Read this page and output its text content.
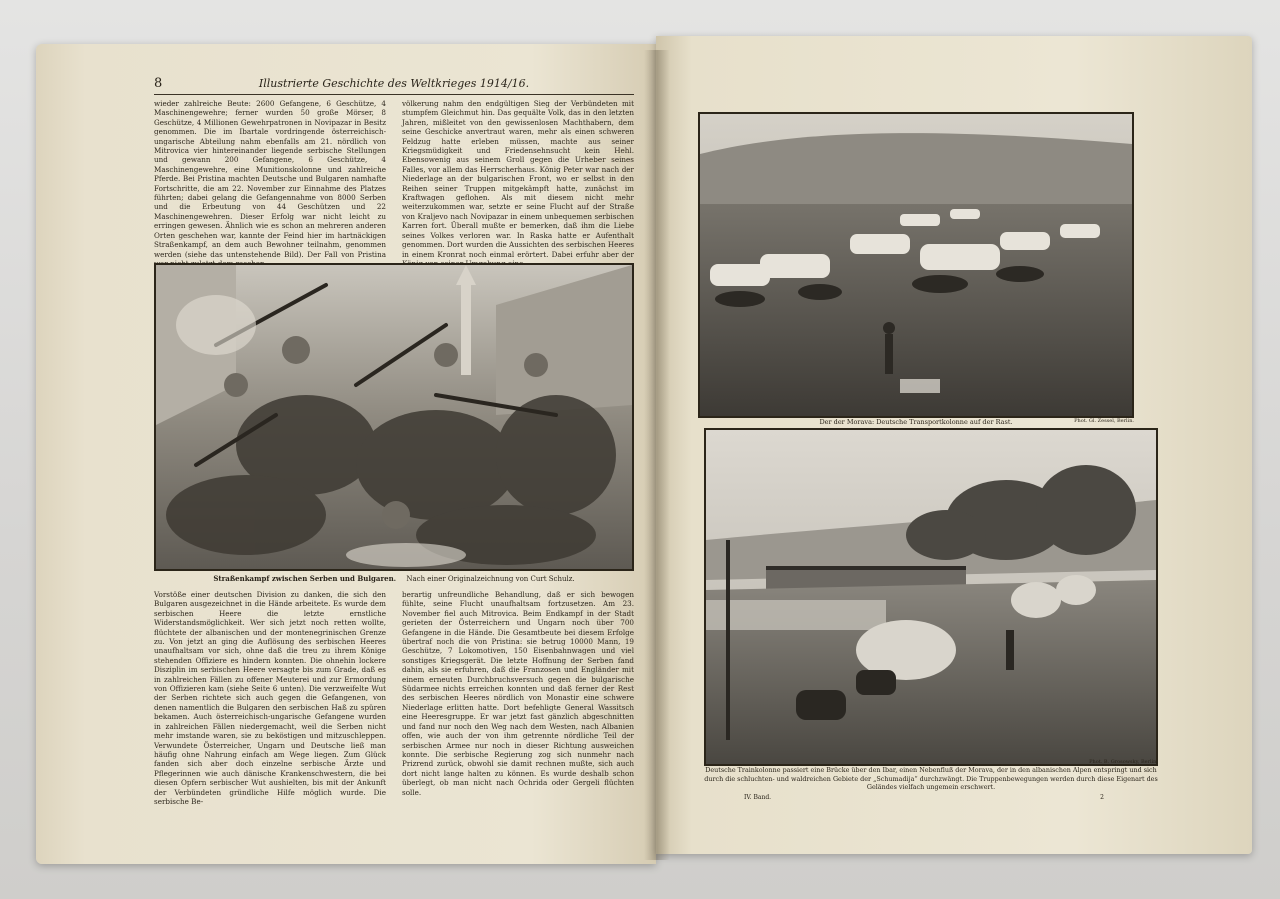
8	Illustrierte Geschichte des Weltkrieges 1914/16.
wieder zahlreiche Beute: 2600 Gefangene, 6 Geschütze, 4 Maschinengewehre; ferner wurden 50 große Mörser, 8 Geschütze, 4 Millionen Gewehrpatronen in Novipazar in Besitz genommen. Die im Ibartale vordringende österreichisch-ungarische Abteilung nahm ebenfalls am 21. nördlich von Mitrovica vier hintereinander liegende serbische Stellungen und gewann 200 Gefangene, 6 Geschütze, 4 Maschinengewehre, eine Munitionskolonne und zahlreiche Pferde. Bei Pristina machten Deutsche und Bulgaren namhafte Fortschritte, die am 22. November zur Einnahme des Platzes führten; dabei gelang die Gefangennahme von 8000 Serben und die Erbeutung von 44 Geschützen und 22 Maschinengewehren. Dieser Erfolg war nicht leicht zu erringen gewesen. Ähnlich wie es schon an mehreren anderen Orten geschehen war, kannte der Feind hier im hartnäckigen Straßenkampf, an dem auch Bewohner teilnahm, genommen werden (siehe das untenstehende Bild). Der Fall von Pristina
völkerung nahm den endgültigen Sieg der Verbündeten mit stumpfem Gleichmut hin. Das gequälte Volk, das in den letzten Jahren, mißleitet von den gewissenlosen Machthabern, dem seine Geschicke anvertraut waren, mehr als einen schweren Feldzug hatte erleben müssen, machte aus seiner Kriegsmüdigkeit und Friedensehnsucht kein Hehl. Ebensowenig aus seinem Groll gegen die Urheber seines Falles, vor allem das Herrscherhaus. König Peter war nach der Niederlage an der bulgarischen Front, wo er selbst in den Reihen seiner Truppen mitgekämpft hatte, zunächst im Kraftwagen geflohen. Als mit diesem nicht mehr weiterzukommen war, setzte er seine Flucht auf der Straße von Kraljevo nach Novipazar in einem unbequemen serbischen Karren fort. Überall mußte er bemerken, daß ihm die Liebe seines Volkes verloren war. In Raska hatte er Aufenthalt genommen. Dort wurden die Aussichten des serbischen Heeres in einem Kronrat noch einmal erörtert. Dabei erfuhr aber der
Straßenkampf zwischen Serben und Bulgaren. Nach einer Originalzeichnung von Curt Schulz.
Vorstöße einer deutschen Division zu danken, die sich den Bulgaren ausgezeichnet in die Hände arbeitete. Es wurde dem serbischen Heere die letzte ernstliche Widerstandsmöglichkeit. Wer sich jetzt noch retten wollte, flüchtete der albanischen und der montenegrinischen Grenze zu. Von jetzt an ging die Auflösung des serbischen Heeres unaufhaltsam vor sich, ohne daß die treu zu ihrem Könige stehenden Offiziere es hindern konnten. Die ohnehin lockere Disziplin im serbischen Heere versagte bis zum Grade, daß es in zahlreichen Fällen zu offener Meuterei und zur Ermordung von Offizieren kam (siehe Seite 6 unten). Die verzweifelte Wut der Serben richtete sich auch gegen die Gefangenen, von denen namentlich die Bulgaren den serbischen Haß zu spüren bekamen. Auch österreichisch-ungarische Gefangene wurden in zahlreichen Fällen niedergemacht, weil die Serben nicht mehr imstande waren, sie zu beköstigen und mitzuschleppen. Verwundete Österreicher, Ungarn und Deutsche ließ man häufig ohne Nahrung einfach am Wege liegen. Zum Glück fanden sich aber doch einzelne serbische Ärzte und Pflegerinnen wie auch dänische Krankenschwestern, die bei diesen Opfern serbischer Wut aushielten, bis mit der Ankunft der Verbündeten gründliche Hilfe möglich wurde. Die serbische Be-
berartig unfreundliche Behandlung, daß er sich bewogen fühlte, seine Flucht unaufhaltsam fortzusetzen. Am 23. November fiel auch Mitrovica. Beim Endkampf in der Stadt gerieten der Österreichern und Ungarn noch über 700 Gefangene in die Hände. Die Gesamtbeute bei diesem Erfolge übertraf noch die von Pristina: sie betrug 10000 Mann, 19 Geschütze, 7 Lokomotiven, 150 Eisenbahnwagen und viel sonstiges Kriegsgerät. Die letzte Hoffnung der Serben fand dahin, als sie erfuhren, daß die Franzosen und Engländer mit einem erneuten Durchbruchsversuch gegen die bulgarische Südarmee nichts erreichen konnten und daß ferner der Rest des serbischen Heeres nördlich von Monastir eine schwere Niederlage erlitten hatte. Dort befehligte General Wassitsch eine Heeresgruppe. Er war jetzt fast gänzlich abgeschnitten und fand nur noch den Weg nach dem Westen, nach Albanien offen, wie auch der von ihm getrennte nördliche Teil der serbischen Armee nur noch in dieser Richtung ausweichen konnte. Die serbische Regierung zog sich nunmehr nach Prizrend zurück, obwohl sie damit rechnen mußte, sich auch dort nicht lange halten zu können. Es wurde deshalb schon überlegt, ob man nicht nach Ochrida oder Gergeli flüchten solle.
Der der Morava: Deutsche Transportkolonne auf der Rast.	Phot. Gl. Zessel, Berlin.
Deutsche Trainkolonne passiert eine Brücke über den Ibar, einen Nebenfluß der Morava, der in den albanischen Alpen entspringt und sich durch die schluchten- und waldreichen Gebiete der „Schumadija“ durchzwängt. Die Truppenbewegungen werden durch diese Eigenart des Geländes vielfach ungemein erschwert.
Phot. B. Grosowsky, Berlin.
IV. Band.	2
